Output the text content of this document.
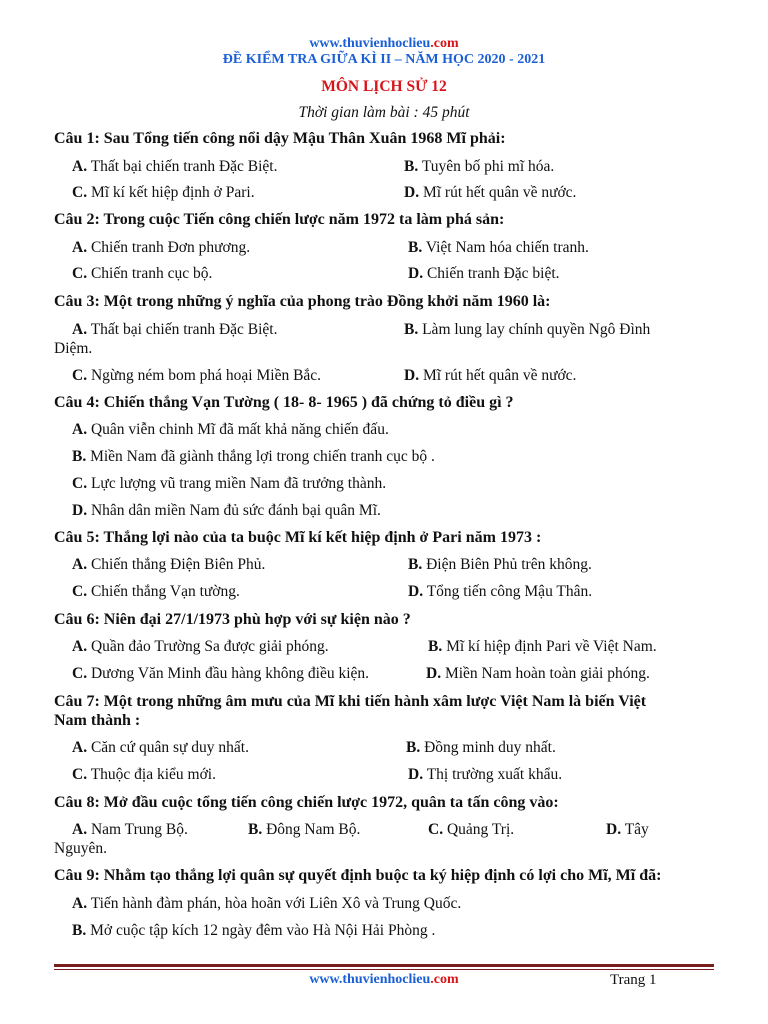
www.thuvienhoclieu.com
ĐỀ KIỂM TRA GIỮA KÌ II – NĂM HỌC 2020 - 2021
MÔN LỊCH SỬ 12
Thời gian làm bài : 45 phút
Câu 1: Sau Tổng tiến công nổi dậy Mậu Thân Xuân 1968 Mĩ phải:
A. Thất bại chiến tranh Đặc Biệt.	B. Tuyên bố phi mĩ hóa.
C. Mĩ kí kết hiệp định ở Pari.	D. Mĩ rút hết quân về nước.
Câu 2: Trong cuộc Tiến công chiến lược năm 1972 ta làm phá sản:
A. Chiến tranh Đơn phương.	B. Việt Nam hóa chiến tranh.
C. Chiến tranh cục bộ.	D. Chiến tranh Đặc biệt.
Câu 3: Một trong những ý nghĩa của phong trào Đồng khởi năm 1960 là:
A. Thất bại chiến tranh Đặc Biệt.	B. Làm lung lay chính quyền Ngô Đình
Diệm.
C. Ngừng ném bom phá hoại Miền Bắc.	D. Mĩ rút hết quân về nước.
Câu 4: Chiến thắng Vạn Tường ( 18- 8- 1965 ) đã chứng tỏ điều gì ?
A. Quân viễn chinh Mĩ đã mất khả năng chiến đấu.
B. Miền Nam đã giành thắng lợi trong chiến tranh cục bộ .
C. Lực lượng vũ trang miền Nam đã trưởng thành.
D. Nhân dân miền Nam đủ sức đánh bại quân Mĩ.
Câu 5: Thắng lợi nào của ta buộc Mĩ kí kết hiệp định ở Pari năm 1973 :
A. Chiến thắng Điện Biên Phủ.	B. Điện Biên Phủ trên không.
C. Chiến thắng Vạn tường.	D. Tổng tiến công Mậu Thân.
Câu 6: Niên đại 27/1/1973 phù hợp với sự kiện nào ?
A. Quần đảo Trường Sa được giải phóng.	B. Mĩ kí hiệp định Pari về Việt Nam.
C. Dương Văn Minh đầu hàng không điều kiện.	D. Miền Nam hoàn toàn giải phóng.
Câu 7: Một trong những âm mưu của Mĩ khi tiến hành xâm lược Việt Nam là biến Việt
Nam thành :
A. Căn cứ quân sự duy nhất.	B. Đồng minh duy nhất.
C. Thuộc địa kiểu mới.	D. Thị trường xuất khẩu.
Câu 8: Mở đầu cuộc tổng tiến công chiến lược 1972, quân ta tấn công vào:
A. Nam Trung Bộ.	B. Đông Nam Bộ.	C. Quảng Trị.	D. Tây
Nguyên.
Câu 9: Nhằm tạo thắng lợi quân sự quyết định buộc ta ký hiệp định có lợi cho Mĩ, Mĩ đã:
A. Tiến hành đàm phán, hòa hoãn với Liên Xô và Trung Quốc.
B. Mở cuộc tập kích 12 ngày đêm vào Hà Nội Hải Phòng .
www.thuvienhoclieu.com	Trang 1
